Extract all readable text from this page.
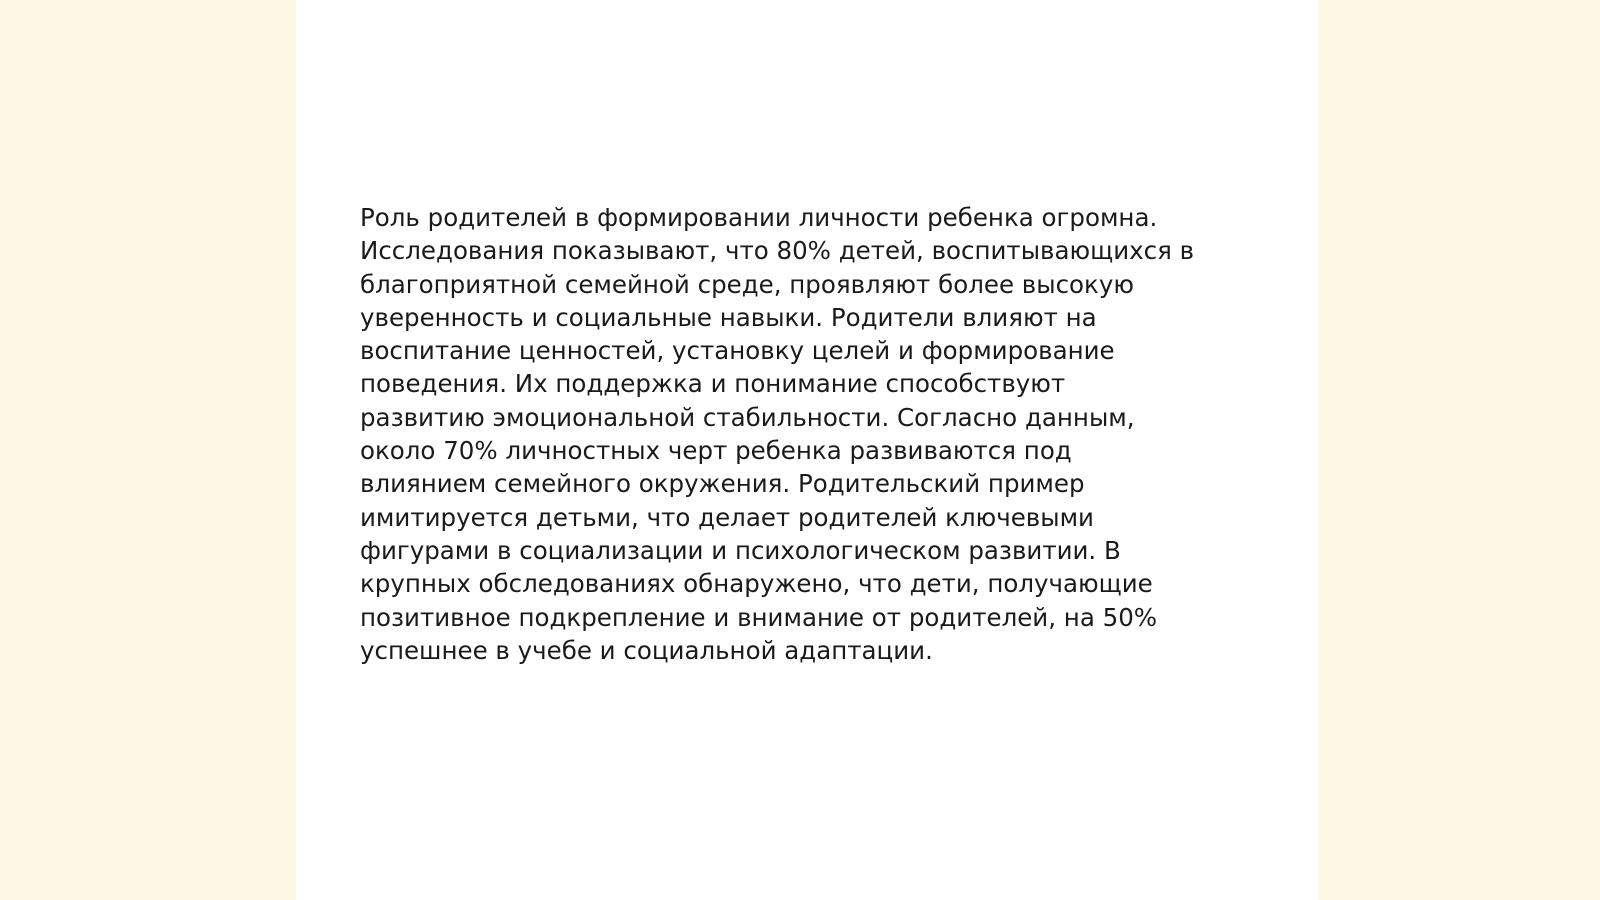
Роль родителей в формировании личности ребенка огромна.
Исследования показывают, что 80% детей, воспитывающихся в
благоприятной семейной среде, проявляют более высокую
уверенность и социальные навыки. Родители влияют на
воспитание ценностей, установку целей и формирование
поведения. Их поддержка и понимание способствуют
развитию эмоциональной стабильности. Согласно данным,
около 70% личностных черт ребенка развиваются под
влиянием семейного окружения. Родительский пример
имитируется детьми, что делает родителей ключевыми
фигурами в социализации и психологическом развитии. В
крупных обследованиях обнаружено, что дети, получающие
позитивное подкрепление и внимание от родителей, на 50%
успешнее в учебе и социальной адаптации.
